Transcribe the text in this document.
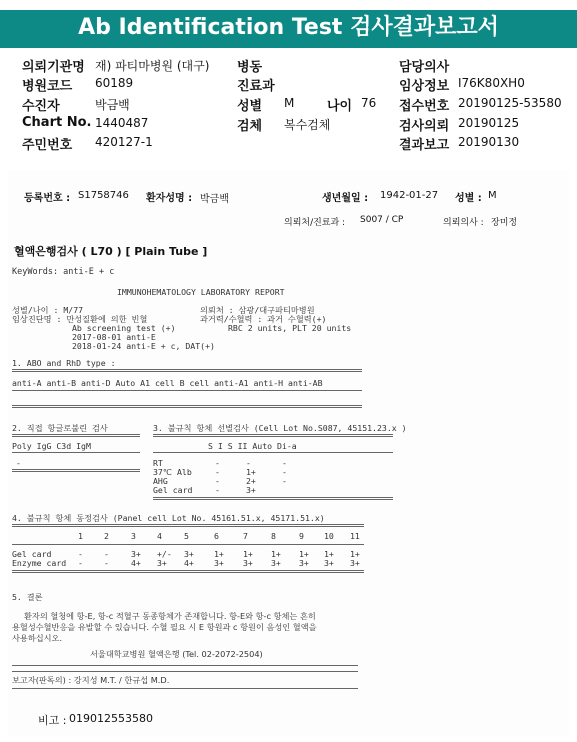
Ab Identification Test 검사결과보고서
의뢰기관명 재) 파티마병원 (대구)
병원코드 60189
수진자	박금백
Chart No. 1440487
주민번호 420127-1
병동
진료과
성별 M	나이 76
검체 복수검체
담당의사
임상정보 I76K80XH0
접수번호 20190125-53580
검사의뢰 20190125
결과보고 20190130
등록번호 : S1758746 환자성명 : 박금백	생년월일 : 1942-01-27 성별 : M
의뢰처/진료과 : S007 / CP	의뢰의사 : 장미정
혈액은행검사 ( L70 ) [ Plain Tube ]
KeyWords: anti-E + c
IMMUNOHEMATOLOGY LABORATORY REPORT
성별/나이 : M/77	의뢰처 : 삼광/대구파티마병원
임상진단명 : 만성질환에 의한 빈혈	과거력/수혈력 : 과거 수혈력(+)
Ab screening test (+)	RBC 2 units, PLT 20 units
2017-08-01 anti-E
2018-01-24 anti-E + c, DAT(+)
1. ABO and RhD type :
anti-A anti-B anti-D Auto A1 cell B cell anti-A1 anti-H anti-AB
2. 직접 항글로불린 검사
Poly IgG C3d IgM
-
3. 불규칙 항체 선별검사 (Cell Lot No.S087, 45151.23.x )
S I S II Auto Di-a
RT	-	-	-
37℃ Alb	-	1+	-
AHG	-	2+	-
Gel card	-	3+
4. 불규칙 항체 동정검사 (Panel cell Lot No. 45161.51.x, 45171.51.x)
1	2	3	4	5	6	7	8	9 10 11
Gel card	-	-	3+ +/- 3+ 1+ 1+ 1+ 1+ 1+ 1+
Enzyme card -	-	4+ 3+ 4+ 3+ 3+ 3+ 3+ 3+ 3+
5. 결론
환자의 혈청에 항-E, 항-c 적혈구 동종항체가 존재합니다. 항-E와 항-c 항체는 흔히
용혈성수혈반응을 유발할 수 있습니다. 수혈 필요 시 E 항원과 c 항원이 음성인 혈액을
사용하십시오.
서울대학교병원 혈액은행 (Tel. 02-2072-2504)
보고자(판독의) : 강지성 M.T. / 한규섭 M.D.
비고 : 019012553580
